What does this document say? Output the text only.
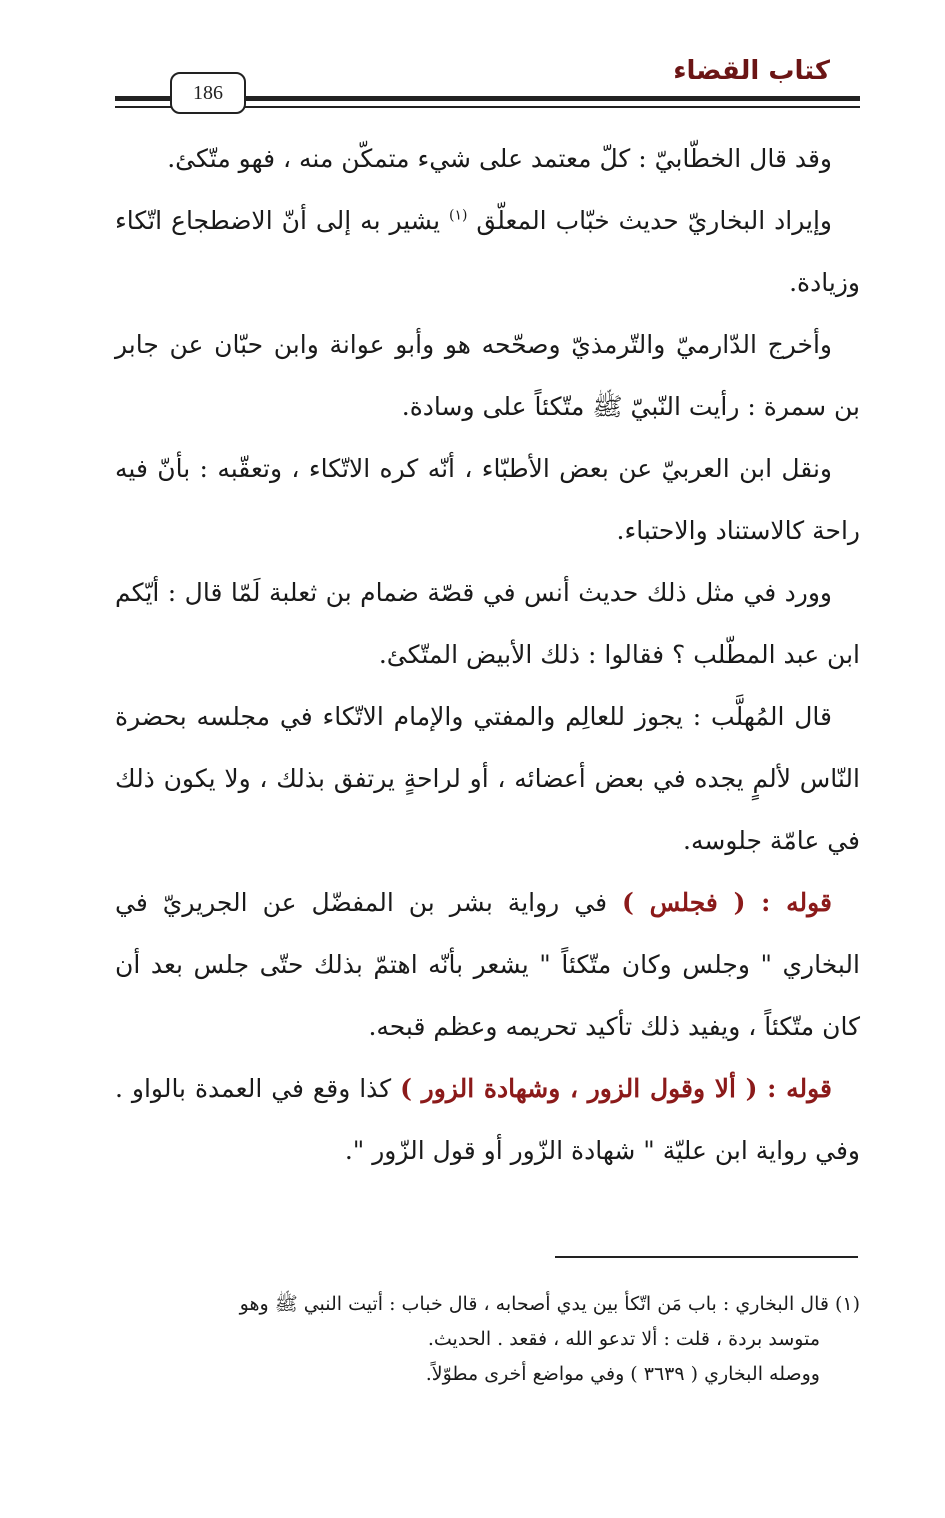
كتاب القضاء
186

وقد قال الخطّابيّ : كلّ معتمد على شيء متمكّن منه ، فهو متّكئ.

وإيراد البخاريّ حديث خبّاب المعلّق $^{(١)}$ يشير به إلى أنّ الاضطجاع اتّكاء وزيادة.

وأخرج الدّارميّ والتّرمذيّ وصحّحه هو وأبو عوانة وابن حبّان عن جابر بن سمرة : رأيت النّبيّ ﷺ متّكئاً على وسادة.

ونقل ابن العربيّ عن بعض الأطبّاء ، أنّه كره الاتّكاء ، وتعقّبه : بأنّ فيه راحة كالاستناد والاحتباء.

وورد في مثل ذلك حديث أنس في قصّة ضمام بن ثعلبة لَمّا قال : أيّكم ابن عبد المطّلب ؟ فقالوا : ذلك الأبيض المتّكئ.

قال المُهلَّب : يجوز للعالِم والمفتي والإمام الاتّكاء في مجلسه بحضرة النّاس لألمٍ يجده في بعض أعضائه ، أو لراحةٍ يرتفق بذلك ، ولا يكون ذلك في عامّة جلوسه.

قوله : ( فجلس ) في رواية بشر بن المفضّل عن الجريريّ في البخاري " وجلس وكان متّكئاً " يشعر بأنّه اهتمّ بذلك حتّى جلس بعد أن كان متّكئاً ، ويفيد ذلك تأكيد تحريمه وعظم قبحه.

قوله : ( ألا وقول الزور ، وشهادة الزور ) كذا وقع في العمدة بالواو . وفي رواية ابن عليّة " شهادة الزّور أو قول الزّور ".

(١)قال البخاري : باب مَن اتّكأ بين يدي أصحابه ، قال خباب : أتيت النبي ﷺ وهو

متوسد بردة ، قلت : ألا تدعو الله ، فقعد . الحديث.

ووصله البخاري ( ٣٦٣٩ ) وفي مواضع أخرى مطوّلاً.
